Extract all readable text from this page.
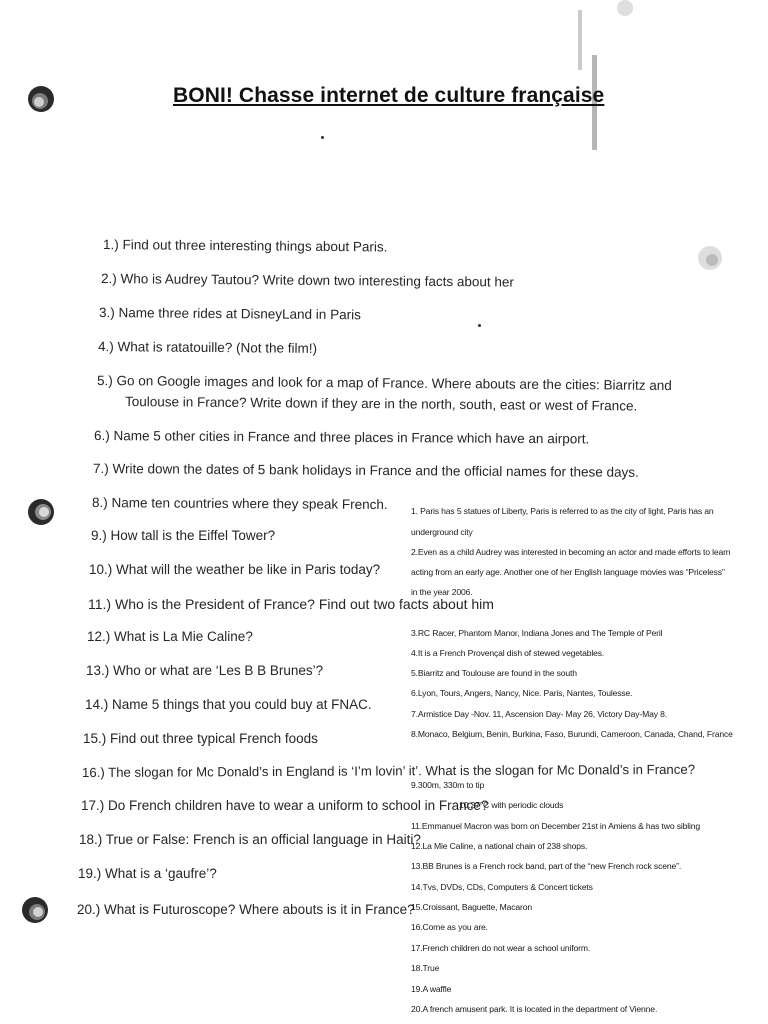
BONI! Chasse internet de culture française
1.) Find out three interesting things about Paris.
2.) Who is Audrey Tautou? Write down two interesting facts about her
3.) Name three rides at DisneyLand in Paris
4.) What is ratatouille? (Not the film!)
5.) Go on Google images and look for a map of France. Where abouts are the cities: Biarritz and
Toulouse in France? Write down if they are in the north, south, east or west of France.
6.) Name 5 other cities in France and three places in France which have an airport.
7.) Write down the dates of 5 bank holidays in France and the official names for these days.
8.) Name ten countries where they speak French.
9.) How tall is the Eiffel Tower?
10.) What will the weather be like in Paris today?
11.) Who is the President of France? Find out two facts about him
12.) What is La Mie Caline?
13.) Who or what are ‘Les B B Brunes’?
14.) Name 5 things that you could buy at FNAC.
15.) Find out three typical French foods
16.) The slogan for Mc Donald’s in England is ‘I’m lovin’ it’. What is the slogan for Mc Donald’s in France?
17.) Do French children have to wear a uniform to school in France?
18.) True or False: French is an official language in Haiti?
19.) What is a ‘gaufre’?
20.) What is Futuroscope? Where abouts is it in France?
1. Paris has 5 statues of Liberty, Paris is referred to as the city of light, Paris has an
underground city
2.Even as a child Audrey was interested in becoming an actor and made efforts to learn
acting from an early age. Another one of her English language movies was “Priceless”
in the year 2006.
3.RC Racer, Phantom Manor, Indiana Jones and The Temple of Peril
4.It is a French Provençal dish of stewed vegetables.
5.Biarritz and Toulouse are found in the south
6.Lyon, Tours, Angers, Nancy, Nice. Paris, Nantes, Toulesse.
7.Armistice Day -Nov. 11, Ascension Day- May 26, Victory Day-May 8.
8.Monaco, Belgium, Benin, Burkina, Faso, Burundi, Cameroon, Canada, Chand, France
9.300m, 330m to tip
10.27°C with periodic clouds
11.Emmanuel Macron was born on December 21st in Amiens & has two sibling
12.La Mie Caline, a national chain of 238 shops.
13.BB Brunes is a French rock band, part of the “new French rock scene”.
14.Tvs, DVDs, CDs, Computers & Concert tickets
15.Croissant, Baguette, Macaron
16.Come as you are.
17.French children do not wear a school uniform.
18.True
19.A waffle
20.A french amusent park. It is located in the department of Vienne.
